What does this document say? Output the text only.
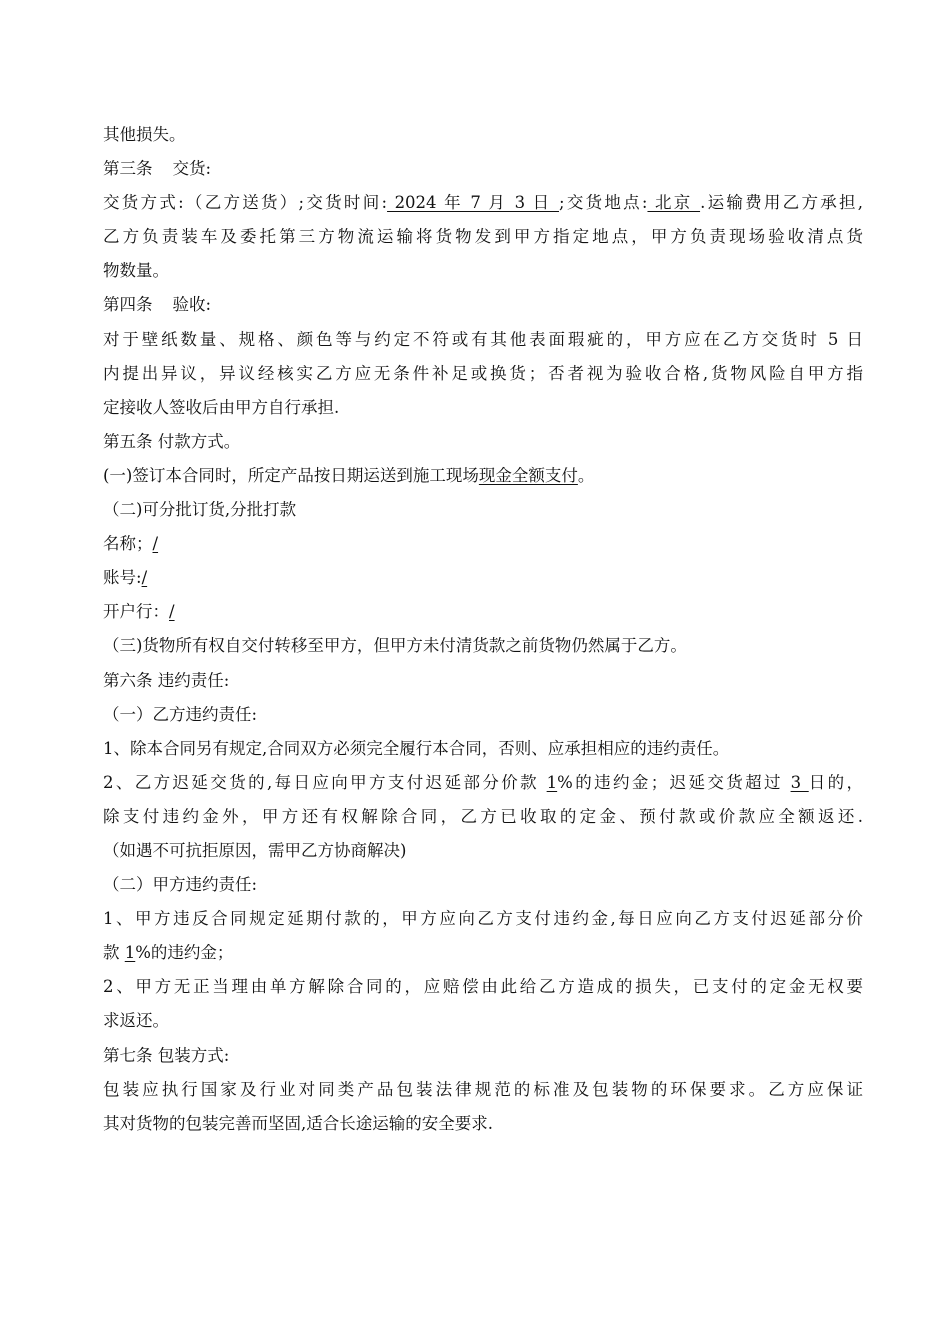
其他损失。
第三条 交货:
交货方式:（乙方送货）;交货时间: 2024 年 7 月 3 日 ;交货地点: 北京 .运输费用乙方承担,
乙方负责装车及委托第三方物流运输将货物发到甲方指定地点，甲方负责现场验收清点货
物数量。
第四条 验收:
对于壁纸数量、规格、颜色等与约定不符或有其他表面瑕疵的，甲方应在乙方交货时 5 日
内提出异议，异议经核实乙方应无条件补足或换货；否者视为验收合格,货物风险自甲方指
定接收人签收后由甲方自行承担.
第五条 付款方式。
(一)签订本合同时，所定产品按日期运送到施工现场现金全额支付。
（二)可分批订货,分批打款
名称；/
账号:/
开户行：/
（三)货物所有权自交付转移至甲方，但甲方未付清货款之前货物仍然属于乙方。
第六条 违约责任:
（一）乙方违约责任:
1、除本合同另有规定,合同双方必须完全履行本合同，否则、应承担相应的违约责任。
2、乙方迟延交货的,每日应向甲方支付迟延部分价款 1%的违约金；迟延交货超过 3 日的，
除支付违约金外，甲方还有权解除合同，乙方已收取的定金、预付款或价款应全额返还.
（如遇不可抗拒原因，需甲乙方协商解决)
（二）甲方违约责任:
1、甲方违反合同规定延期付款的，甲方应向乙方支付违约金,每日应向乙方支付迟延部分价
款 1%的违约金；
2、甲方无正当理由单方解除合同的，应赔偿由此给乙方造成的损失，已支付的定金无权要
求返还。
第七条 包装方式:
包装应执行国家及行业对同类产品包装法律规范的标准及包装物的环保要求。乙方应保证
其对货物的包装完善而坚固,适合长途运输的安全要求.
